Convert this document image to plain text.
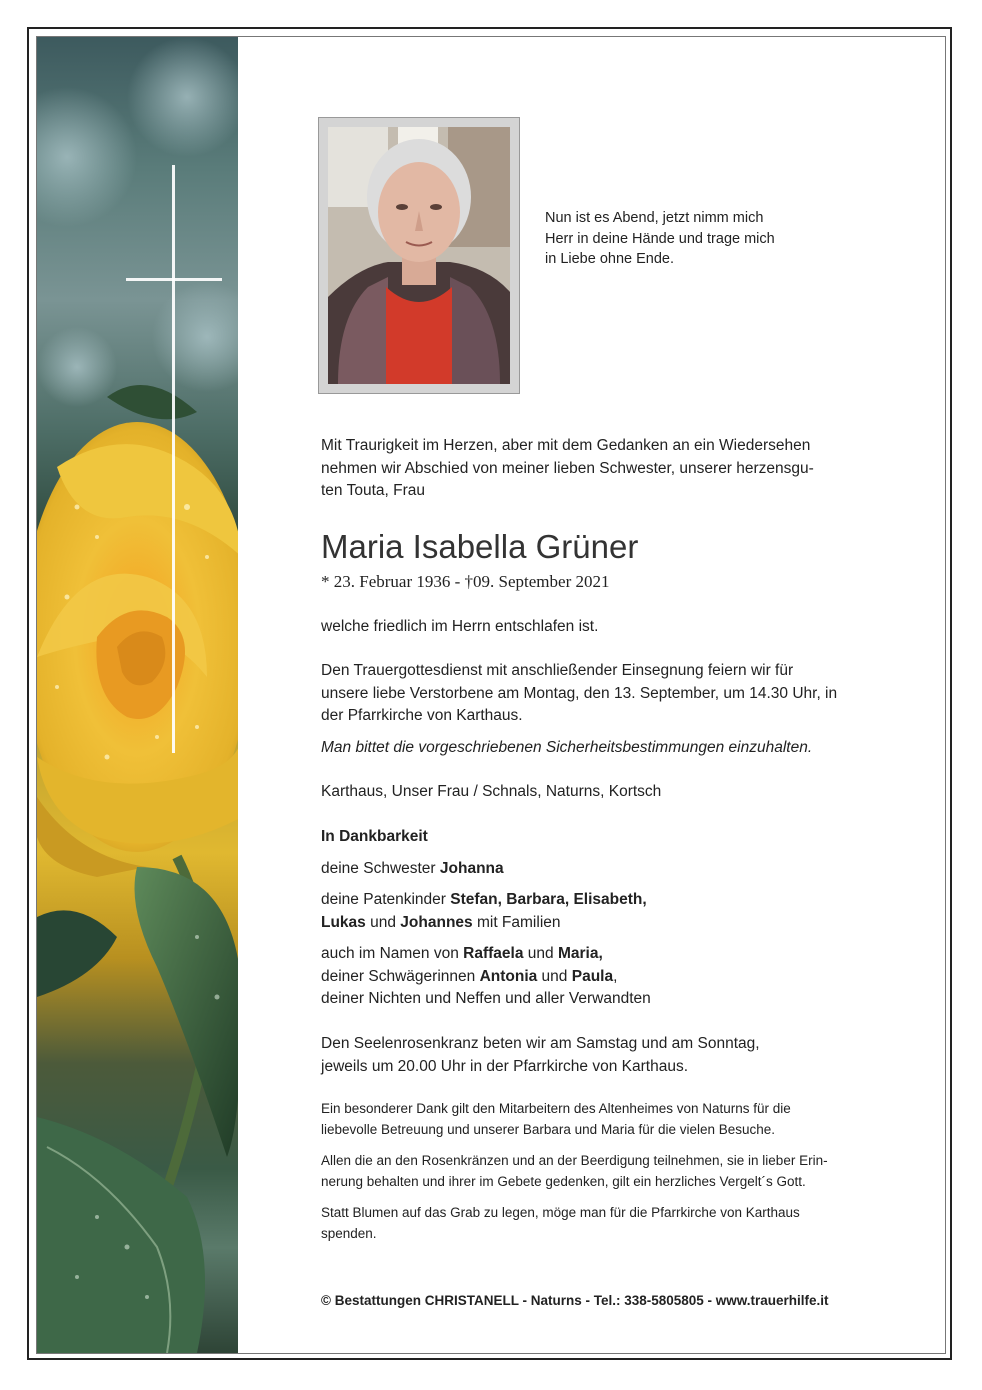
Nun ist es Abend, jetzt nimm mich
Herr in deine Hände und trage mich
in Liebe ohne Ende.
Mit Traurigkeit im Herzen, aber mit dem Gedanken an ein Wiedersehen
nehmen wir Abschied von meiner lieben Schwester, unserer herzensgu-
ten Touta, Frau
Maria Isabella Grüner
* 23. Februar 1936 - †09. September 2021
welche friedlich im Herrn entschlafen ist.
Den Trauergottesdienst mit anschließender Einsegnung feiern wir für
unsere liebe Verstorbene am Montag, den 13. September, um 14.30 Uhr, in
der Pfarrkirche von Karthaus.
Man bittet die vorgeschriebenen Sicherheitsbestimmungen einzuhalten.
Karthaus, Unser Frau / Schnals, Naturns, Kortsch
In Dankbarkeit
deine Schwester Johanna
deine Patenkinder Stefan, Barbara, Elisabeth,
Lukas und Johannes mit Familien
auch im Namen von Raffaela und Maria,
deiner Schwägerinnen Antonia und Paula,
deiner Nichten und Neffen und aller Verwandten
Den Seelenrosenkranz beten wir am Samstag und am Sonntag,
jeweils um 20.00 Uhr in der Pfarrkirche von Karthaus.
Ein besonderer Dank gilt den Mitarbeitern des Altenheimes von Naturns für die
liebevolle Betreuung und unserer Barbara und Maria für die vielen Besuche.
Allen die an den Rosenkränzen und an der Beerdigung teilnehmen, sie in lieber Erin-
nerung behalten und ihrer im Gebete gedenken, gilt ein herzliches Vergelt´s Gott.
Statt Blumen auf das Grab zu legen, möge man für die Pfarrkirche von Karthaus
spenden.
© Bestattungen CHRISTANELL - Naturns - Tel.: 338-5805805 - www.trauerhilfe.it
